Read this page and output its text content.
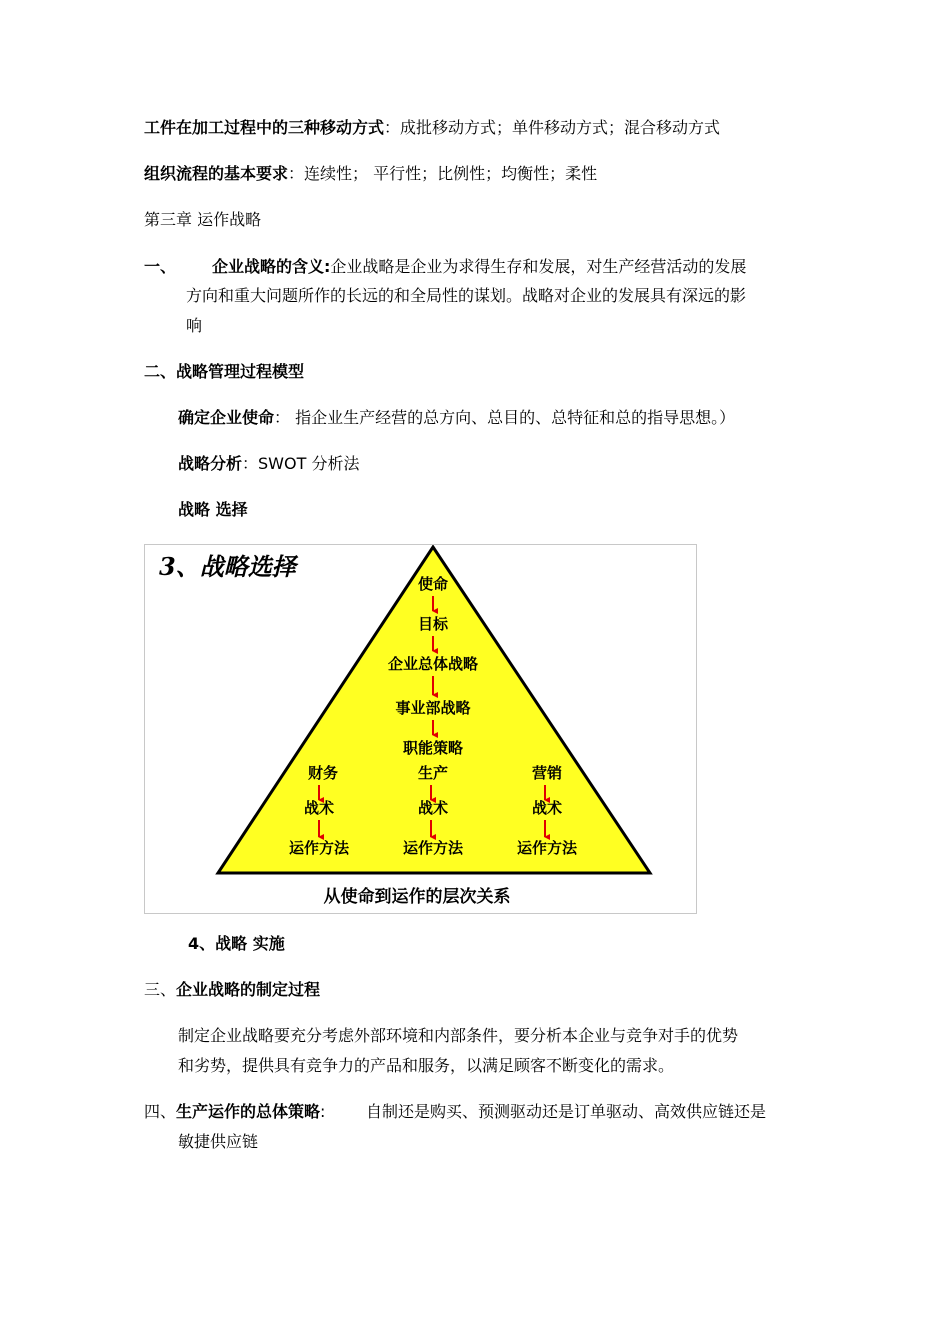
工件在加工过程中的三种移动方式：成批移动方式；单件移动方式；混合移动方式
组织流程的基本要求：连续性； 平行性；比例性；均衡性；柔性
第三章 运作战略
一、 企业战略的含义:企业战略是企业为求得生存和发展，对生产经营活动的发展
方向和重大问题所作的长远的和全局性的谋划。战略对企业的发展具有深远的影
响
二、战略管理过程模型
确定企业使命： 指企业生产经营的总方向、总目的、总特征和总的指导思想。）
战略分析：SWOT 分析法
战略 选择
3、战略选择
使命
目标
企业总体战略
事业部战略
职能策略
财务
战术
运作方法
生产
战术
运作方法
营销
战术
运作方法
从使命到运作的层次关系
4、战略 实施
三、企业战略的制定过程
制定企业战略要充分考虑外部环境和内部条件，要分析本企业与竞争对手的优势
和劣势，提供具有竞争力的产品和服务，以满足顾客不断变化的需求。
四、生产运作的总体策略:	自制还是购买、预测驱动还是订单驱动、高效供应链还是
敏捷供应链
